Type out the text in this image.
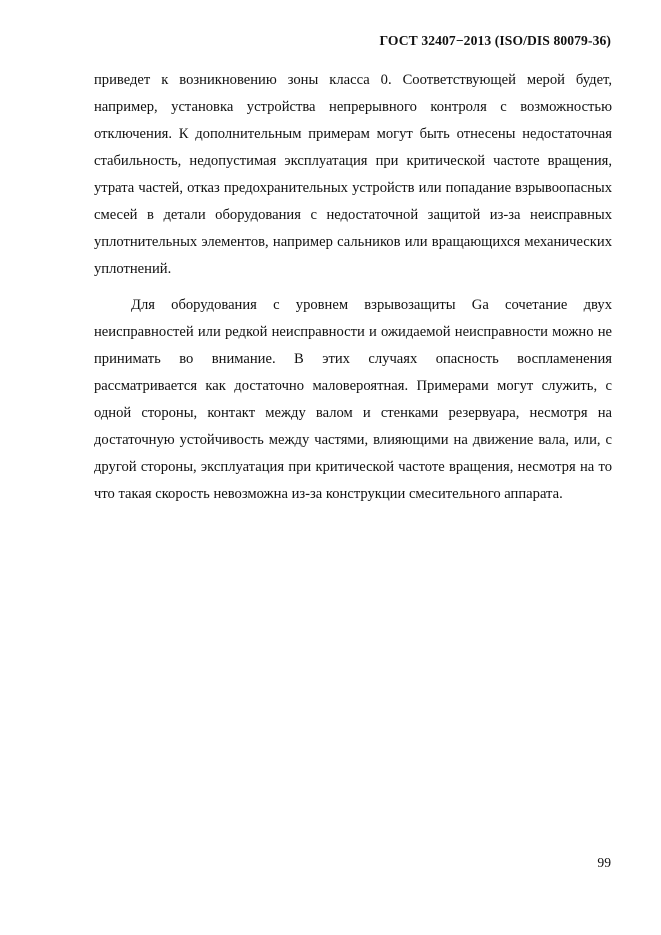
ГОСТ 32407−2013 (ISO/DIS 80079-36)

приведет к возникновению зоны класса 0. Соответствующей мерой будет, например, установка устройства непрерывного контроля с возможностью отключения. К дополнительным примерам могут быть отнесены недостаточная стабильность, недопустимая эксплуатация при критической частоте вращения, утрата частей, отказ предохранительных устройств или попадание взрывоопасных смесей в детали оборудования с недостаточной защитой из-за неисправных уплотнительных элементов, например сальников или вращающихся механических уплотнений.

Для оборудования с уровнем взрывозащиты Ga сочетание двух неисправностей или редкой неисправности и ожидаемой неисправности можно не принимать во внимание. В этих случаях опасность воспламенения рассматривается как достаточно маловероятная. Примерами могут служить, с одной стороны, контакт между валом и стенками резервуара, несмотря на достаточную устойчивость между частями, влияющими на движение вала, или, с другой стороны, эксплуатация при критической частоте вращения, несмотря на то что такая скорость невозможна из-за конструкции смесительного аппарата.

99
